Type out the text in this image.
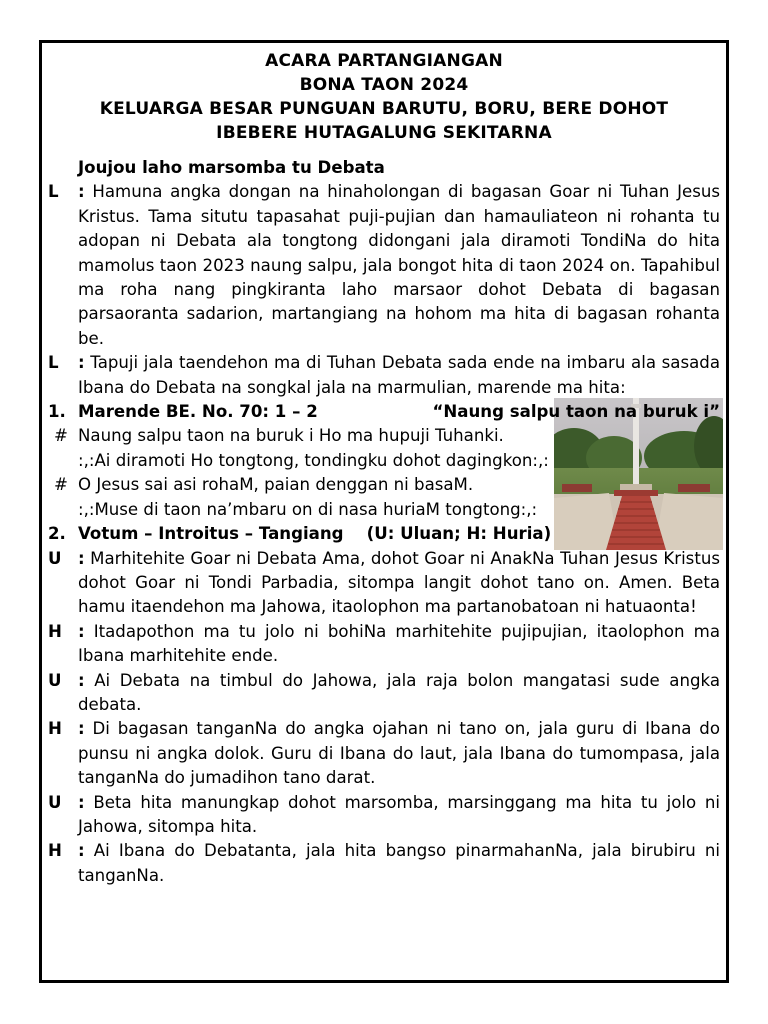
ACARA PARTANGIANGAN
BONA TAON 2024
KELUARGA BESAR PUNGUAN BARUTU, BORU, BERE DOHOT
IBEBERE HUTAGALUNG SEKITARNA
Joujou laho marsomba tu Debata
L	: Hamuna angka dongan na hinaholongan di bagasan Goar ni Tuhan Jesus Kristus. Tama situtu tapasahat puji-pujian dan hamauliateon ni rohanta tu adopan ni Debata ala tongtong didongani jala diramoti TondiNa do hita mamolus taon 2023 naung salpu, jala bongot hita di taon 2024 on. Tapahibul ma roha nang pingkiranta laho marsaor dohot Debata di bagasan parsaoranta sadarion, martangiang na hohom ma hita di bagasan rohanta be.
L	: Tapuji jala taendehon ma di Tuhan Debata sada ende na imbaru ala sasada Ibana do Debata na songkal jala na marmulian, marende ma hita:
1. Marende BE. No. 70: 1 – 2	“Naung salpu taon na buruk i”
# Naung salpu taon na buruk i Ho ma hupuji Tuhanki.
:,:Ai diramoti Ho tongtong, tondingku dohot dagingkon:,:
# O Jesus sai asi rohaM, paian denggan ni basaM.
:,:Muse di taon na’mbaru on di nasa huriaM tongtong:,:
2. Votum – Introitus – Tangiang    (U: Uluan; H: Huria)
U : Marhitehite Goar ni Debata Ama, dohot Goar ni AnakNa Tuhan Jesus Kristus dohot Goar ni Tondi Parbadia, sitompa langit dohot tano on. Amen. Beta hamu itaendehon ma Jahowa, itaolophon ma partanobatoan ni hatuaonta!
H : Itadapothon ma tu jolo ni bohiNa marhitehite pujipujian, itaolophon ma Ibana marhitehite ende.
U : Ai Debata na timbul do Jahowa, jala raja bolon mangatasi sude angka debata.
H : Di bagasan tanganNa do angka ojahan ni tano on, jala guru di Ibana do punsu ni angka dolok. Guru di Ibana do laut, jala Ibana do tumompasa, jala tanganNa do jumadihon tano darat.
U : Beta hita manungkap dohot marsomba, marsinggang ma hita tu jolo ni Jahowa, sitompa hita.
H : Ai Ibana do Debatanta, jala hita bangso pinarmahanNa, jala birubiru ni tanganNa.
